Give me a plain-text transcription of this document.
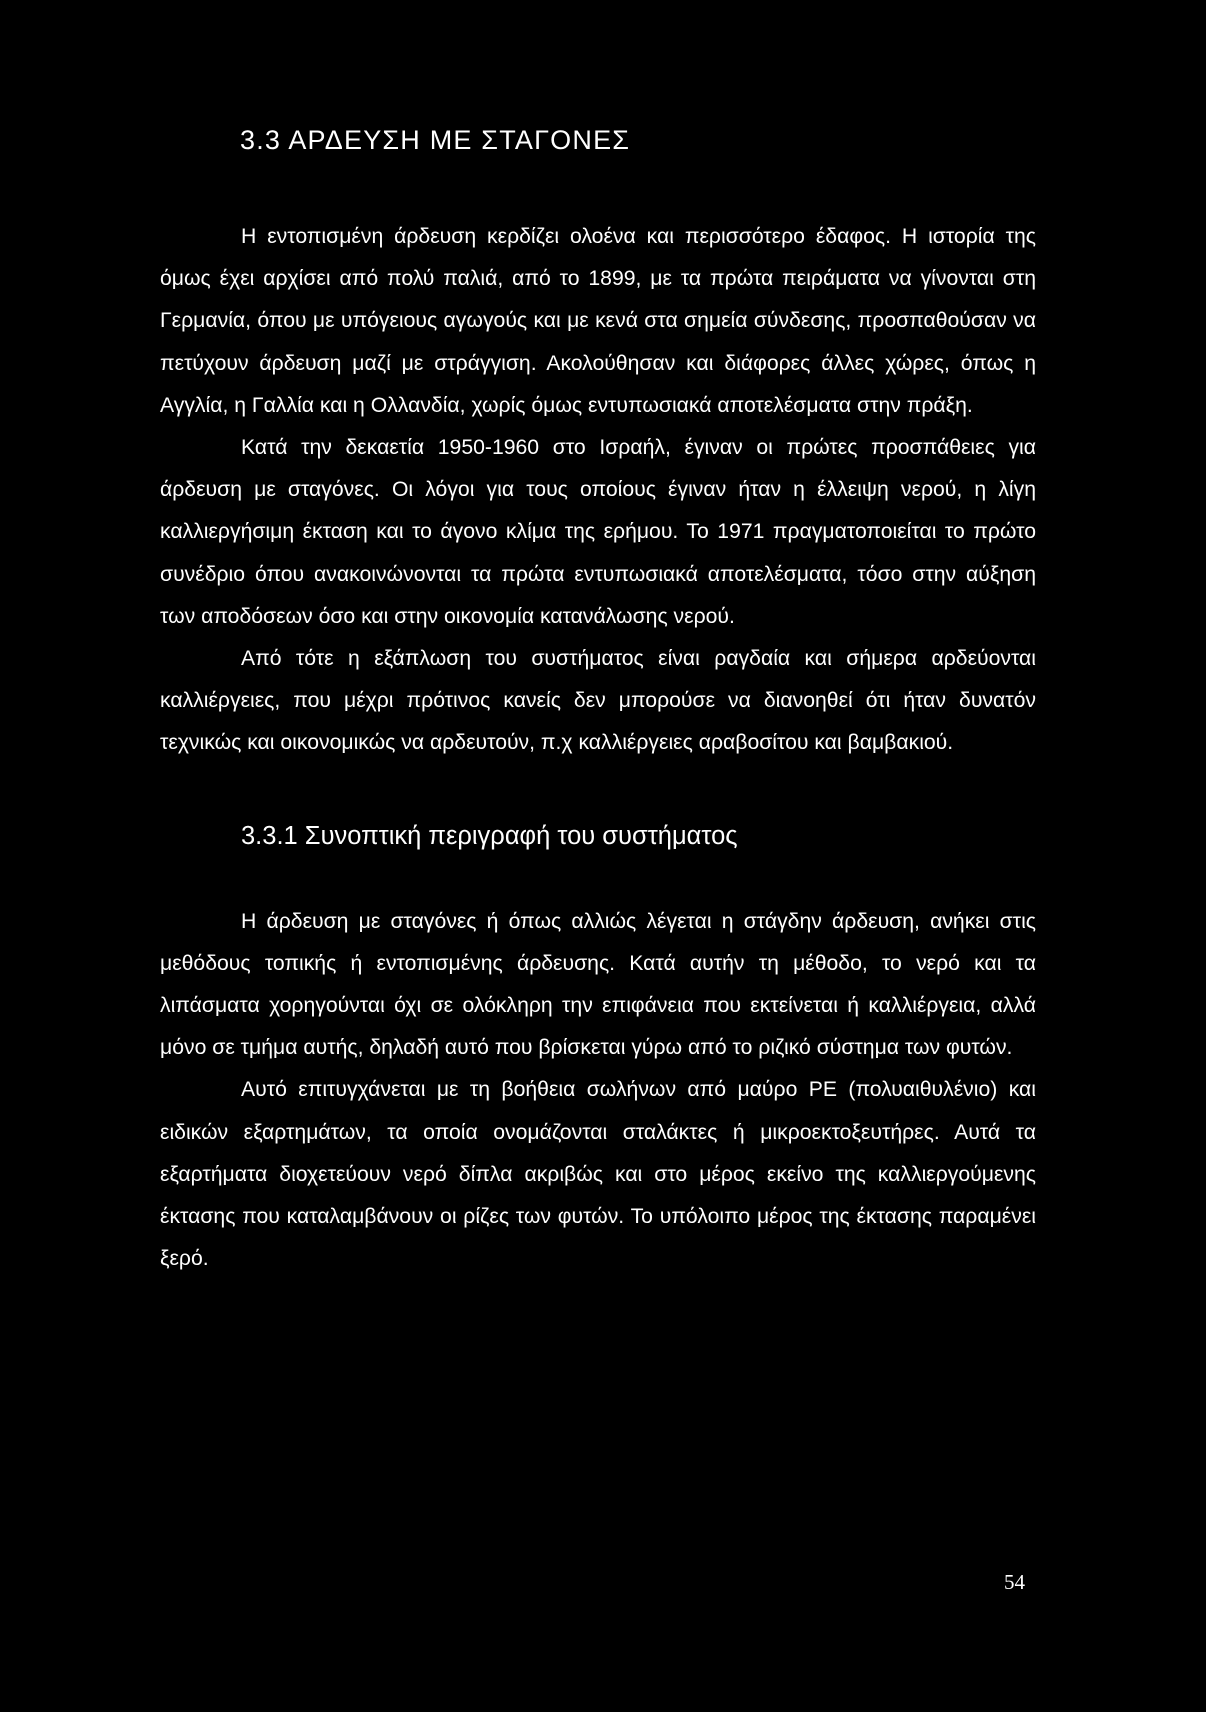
3.3 ΑΡΔΕΥΣΗ ΜΕ ΣΤΑΓΟΝΕΣ

Η εντοπισμένη άρδευση κερδίζει ολοένα και περισσότερο έδαφος. Η ιστορία της όμως έχει αρχίσει από πολύ παλιά, από το 1899, με τα πρώτα πειράματα να γίνονται στη Γερμανία, όπου με υπόγειους αγωγούς και με κενά στα σημεία σύνδεσης, προσπαθούσαν να πετύχουν άρδευση μαζί με στράγγιση. Ακολούθησαν και διάφορες άλλες χώρες, όπως η Αγγλία, η Γαλλία και η Ολλανδία, χωρίς όμως εντυπωσιακά αποτελέσματα στην πράξη.

Κατά την δεκαετία 1950-1960 στο Ισραήλ, έγιναν οι πρώτες προσπάθειες για άρδευση με σταγόνες. Οι λόγοι για τους οποίους έγιναν ήταν η έλλειψη νερού, η λίγη καλλιεργήσιμη έκταση και το άγονο κλίμα της ερήμου. Το 1971 πραγματοποιείται το πρώτο συνέδριο όπου ανακοινώνονται τα πρώτα εντυπωσιακά αποτελέσματα, τόσο στην αύξηση των αποδόσεων όσο και στην οικονομία κατανάλωσης νερού.

Από τότε η εξάπλωση του συστήματος είναι ραγδαία και σήμερα αρδεύονται καλλιέργειες, που μέχρι πρότινος κανείς δεν μπορούσε να διανοηθεί ότι ήταν δυνατόν τεχνικώς και οικονομικώς να αρδευτούν, π.χ καλλιέργειες αραβοσίτου και βαμβακιού.

3.3.1 Συνοπτική περιγραφή του συστήματος

Η άρδευση με σταγόνες ή όπως αλλιώς λέγεται η στάγδην άρδευση, ανήκει στις μεθόδους τοπικής ή εντοπισμένης άρδευσης. Κατά αυτήν τη μέθοδο, το νερό και τα λιπάσματα χορηγούνται όχι σε ολόκληρη την επιφάνεια που εκτείνεται ή καλλιέργεια, αλλά μόνο σε τμήμα αυτής, δηλαδή αυτό που βρίσκεται γύρω από το ριζικό σύστημα των φυτών.

Αυτό επιτυγχάνεται με τη βοήθεια σωλήνων από μαύρο PE (πολυαιθυλένιο) και ειδικών εξαρτημάτων, τα οποία ονομάζονται σταλάκτες ή μικροεκτοξευτήρες. Αυτά τα εξαρτήματα διοχετεύουν νερό δίπλα ακριβώς και στο μέρος εκείνο της καλλιεργούμενης έκτασης που καταλαμβάνουν οι ρίζες των φυτών. Το υπόλοιπο μέρος της έκτασης παραμένει ξερό.

54
